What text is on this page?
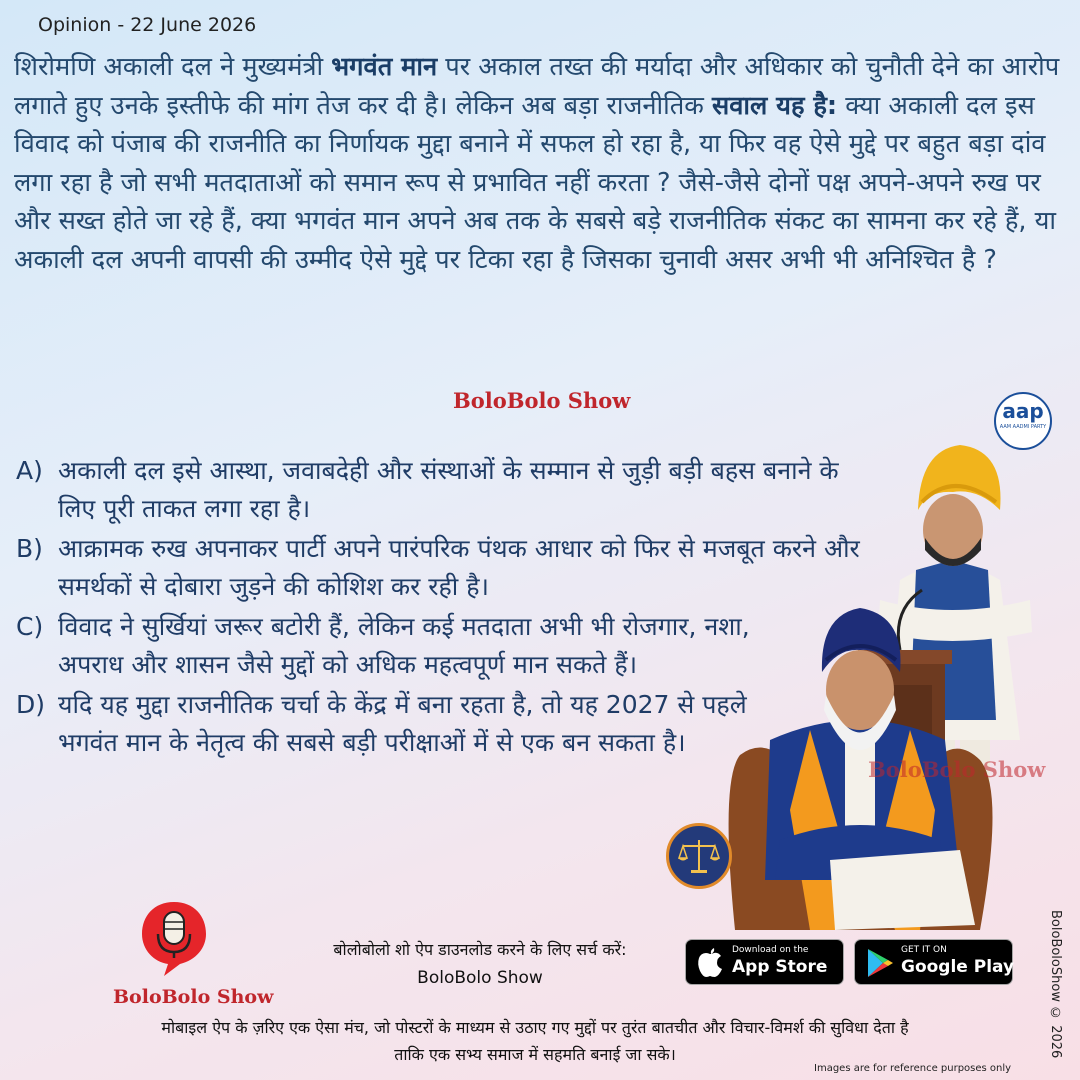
Opinion - 22 June 2026

शिरोमणि अकाली दल ने मुख्यमंत्री भगवंत मान पर अकाल तख्त की मर्यादा और अधिकार को चुनौती देने का आरोप लगाते हुए उनके इस्तीफे की मांग तेज कर दी है। लेकिन अब बड़ा राजनीतिक सवाल यह है: क्या अकाली दल इस विवाद को पंजाब की राजनीति का निर्णायक मुद्दा बनाने में सफल हो रहा है, या फिर वह ऐसे मुद्दे पर बहुत बड़ा दांव लगा रहा है जो सभी मतदाताओं को समान रूप से प्रभावित नहीं करता ? जैसे-जैसे दोनों पक्ष अपने-अपने रुख पर और सख्त होते जा रहे हैं, क्या भगवंत मान अपने अब तक के सबसे बड़े राजनीतिक संकट का सामना कर रहे हैं, या अकाली दल अपनी वापसी की उम्मीद ऐसे मुद्दे पर टिका रहा है जिसका चुनावी असर अभी भी अनिश्चित है ?

BoloBolo Show
A) अकाली दल इसे आस्था, जवाबदेही और संस्थाओं के सम्मान से जुड़ी बड़ी बहस बनाने के लिए पूरी ताकत लगा रहा है।
B) आक्रामक रुख अपनाकर पार्टी अपने पारंपरिक पंथक आधार को फिर से मजबूत करने और समर्थकों से दोबारा जुड़ने की कोशिश कर रही है।
C) विवाद ने सुर्खियां जरूर बटोरी हैं, लेकिन कई मतदाता अभी भी रोजगार, नशा, अपराध और शासन जैसे मुद्दों को अधिक महत्वपूर्ण मान सकते हैं।
D) यदि यह मुद्दा राजनीतिक चर्चा के केंद्र में बना रहता है, तो यह 2027 से पहले भगवंत मान के नेतृत्व की सबसे बड़ी परीक्षाओं में से एक बन सकता है।
aap
AAM AADMI PARTY
BoloBolo Show
BoloBoloShow © 2026
BoloBolo Show
बोलोबोलो शो ऐप डाउनलोड करने के लिए सर्च करें:
BoloBolo Show
Download on the
App Store
GET IT ON
Google Play
मोबाइल ऐप के ज़रिए एक ऐसा मंच, जो पोस्टरों के माध्यम से उठाए गए मुद्दों पर तुरंत बातचीत और विचार-विमर्श की सुविधा देता है
ताकि एक सभ्य समाज में सहमति बनाई जा सके।
Images are for reference purposes only
